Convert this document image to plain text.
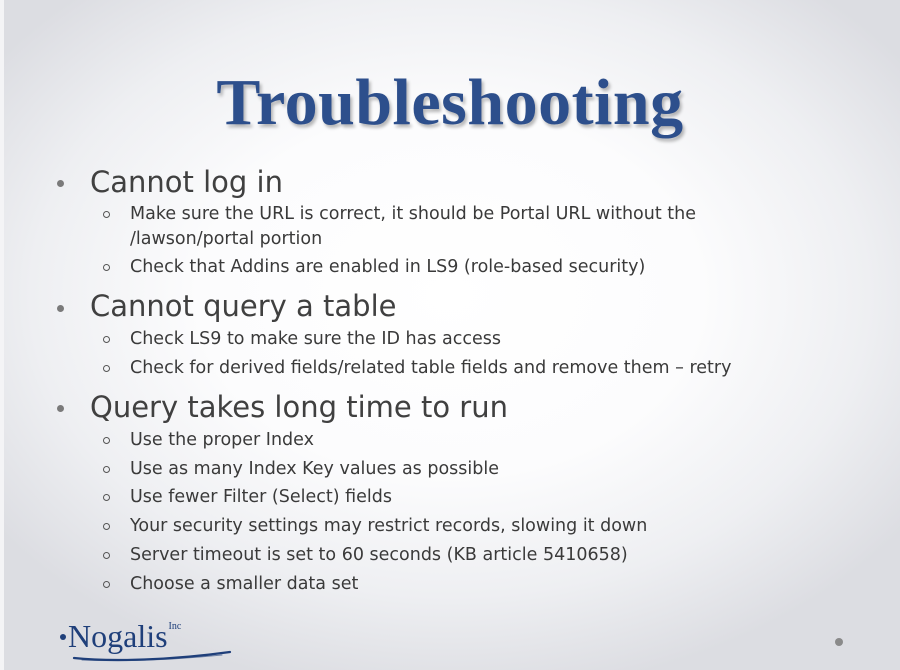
Troubleshooting
Cannot log in
Make sure the URL is correct, it should be Portal URL without the
/lawson/portal portion
Check that Addins are enabled in LS9 (role-based security)
Cannot query a table
Check LS9 to make sure the ID has access
Check for derived fields/related table fields and remove them – retry
Query takes long time to run
Use the proper Index
Use as many Index Key values as possible
Use fewer Filter (Select) fields
Your security settings may restrict records, slowing it down
Server timeout is set to 60 seconds (KB article 5410658)
Choose a smaller data set
Nogalis$^{Inc}$
